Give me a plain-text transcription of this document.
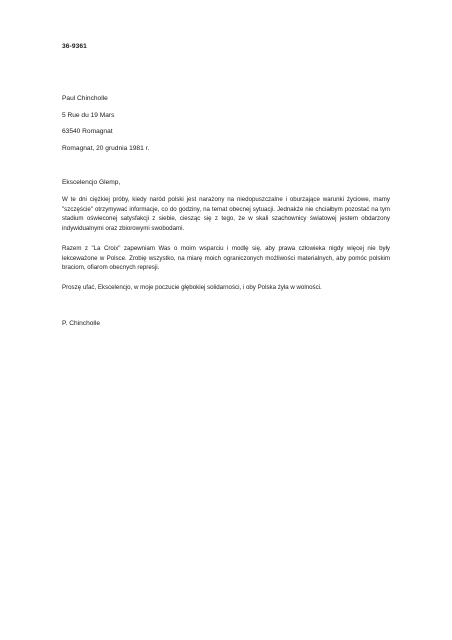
36-9361
Paul Chincholle
5 Rue du 19 Mars
63540 Romagnat
Romagnat, 20 grudnia 1981 r.
Ekscelencjo Glemp,

W te dni ciężkiej próby, kiedy naród polski jest narażony na niedopuszczalne i oburzające warunki życiowe, mamy "szczęście" otrzymywać informacje, co do godziny, na temat obecnej sytuacji. Jednakże nie chciałbym pozostać na tym stadium oświeconej satysfakcji z siebie, ciesząc się z tego, że w skali szachownicy światowej jestem obdarzony indywidualnymi oraz zbiorowymi swobodami.

Razem z "La Croix" zapewniam Was o moim wsparciu i modlę się, aby prawa człowieka nigdy więcej nie były lekceważone w Polsce. Zrobię wszystko, na miarę moich ograniczonych możliwości materialnych, aby pomóc polskim braciom, ofiarom obecnych represji.

Proszę ufać, Ekscelencjo, w moje poczucie głębokiej solidarności, i oby Polska żyła w wolności.

P. Chincholle
